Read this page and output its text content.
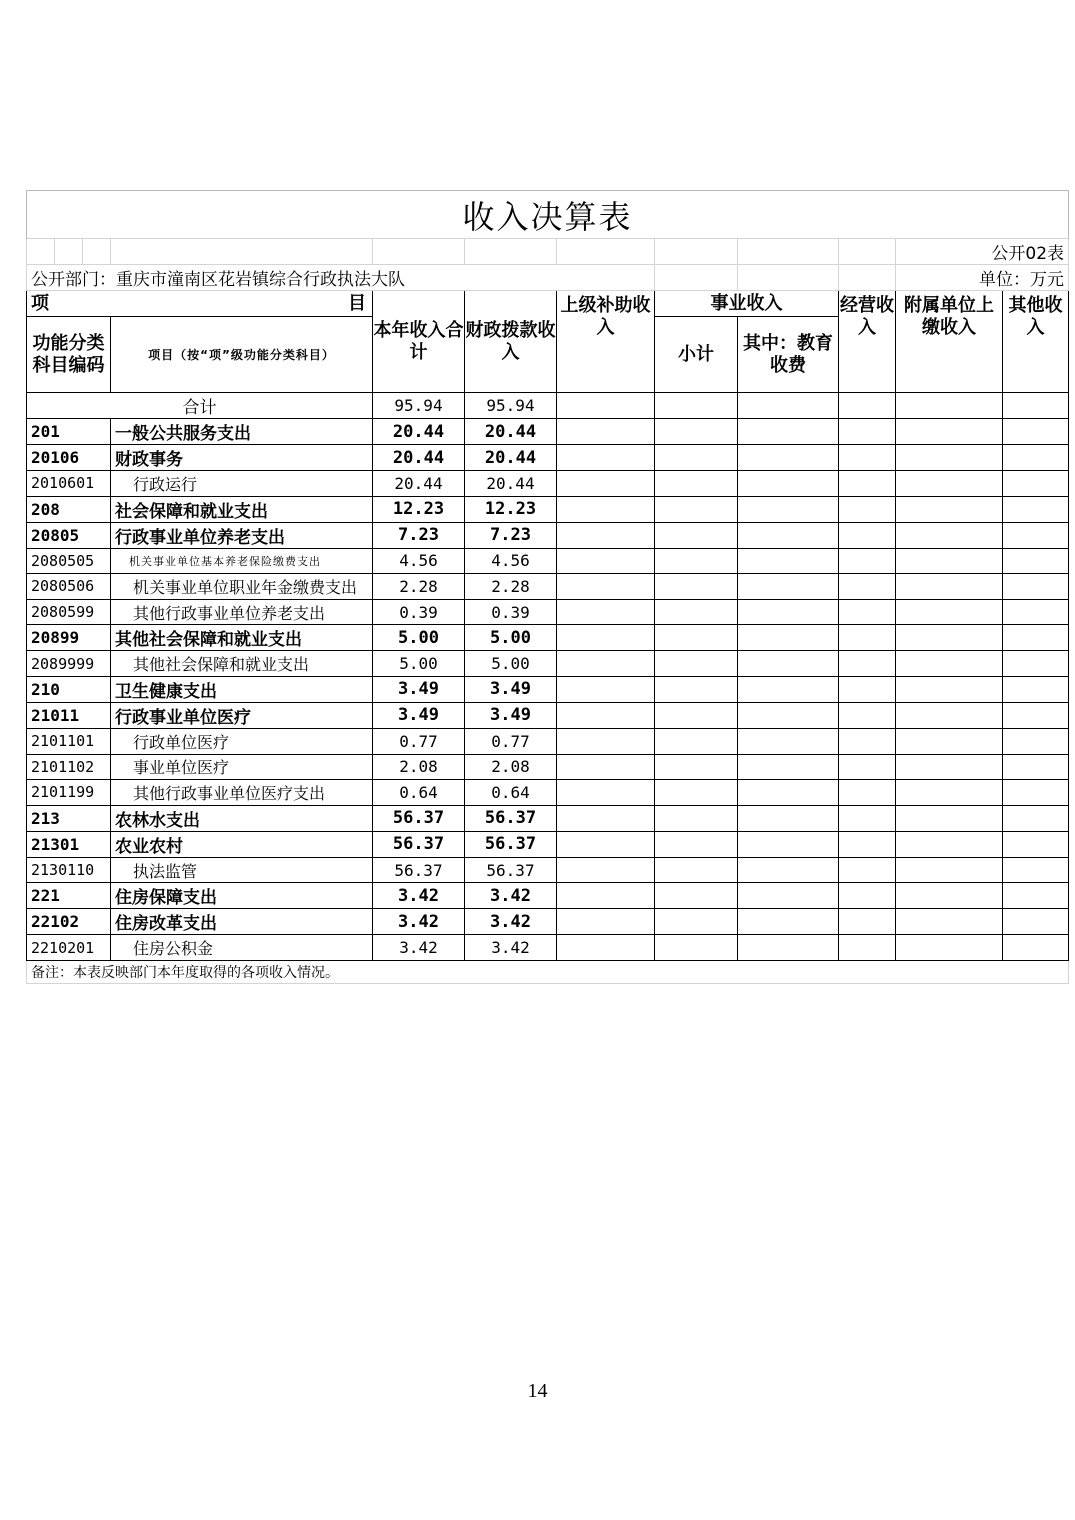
收入决算表											
										公开02表	
公开部门：重庆市潼南区花岩镇综合行政执法大队										单位：万元	

项 目				本年收入合计	财政拨款收入	上级补助收入	事业收入		经营收入	附属单位上缴收入	其他收入
功能分类科目编码			项目（按“项”级功能分类科目）				小计	其中：教育收费			
合计				95.94	95.94						
201			一般公共服务支出	20.44	20.44						
20106			财政事务	20.44	20.44						
2010601			行政运行	20.44	20.44						
208			社会保障和就业支出	12.23	12.23						
20805			行政事业单位养老支出	7.23	7.23						
2080505			机关事业单位基本养老保险缴费支出	4.56	4.56						
2080506			机关事业单位职业年金缴费支出	2.28	2.28						
2080599			其他行政事业单位养老支出	0.39	0.39						
20899			其他社会保障和就业支出	5.00	5.00						
2089999			其他社会保障和就业支出	5.00	5.00						
210			卫生健康支出	3.49	3.49						
21011			行政事业单位医疗	3.49	3.49						
2101101			行政单位医疗	0.77	0.77						
2101102			事业单位医疗	2.08	2.08						
2101199			其他行政事业单位医疗支出	0.64	0.64						
213			农林水支出	56.37	56.37						
21301			农业农村	56.37	56.37						
2130110			执法监管	56.37	56.37						
221			住房保障支出	3.42	3.42						
22102			住房改革支出	3.42	3.42						
2210201			住房公积金	3.42	3.42						
备注：本表反映部门本年度取得的各项收入情况。
14
